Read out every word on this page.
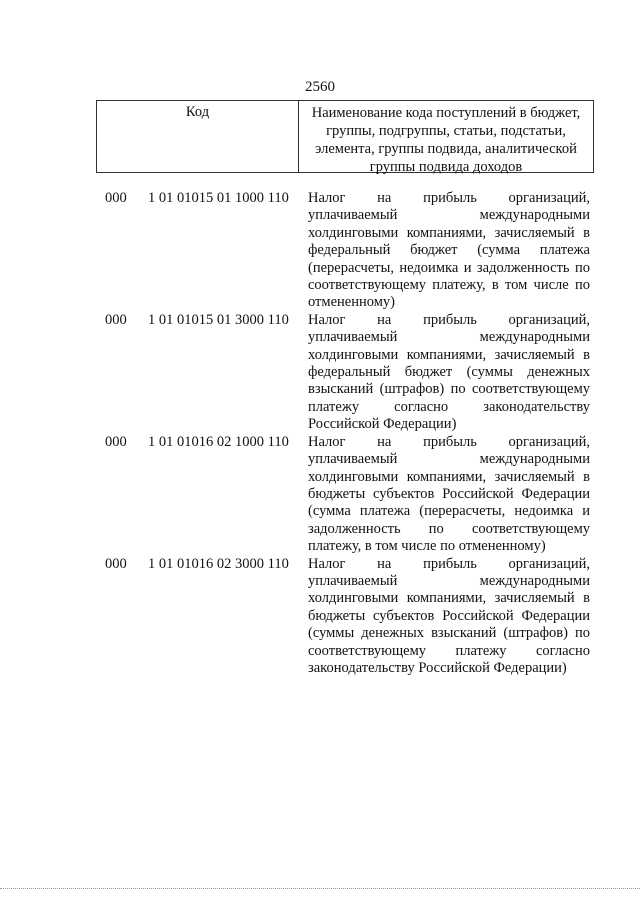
2560
Код	Наименование кода поступлений в бюджет, группы, подгруппы, статьи, подстатьи, элемента, группы подвида, аналитической группы подвида доходов
000	1 01 01015 01 1000 110	Налог на прибыль организаций, уплачиваемый международными холдинговыми компаниями, зачисляемый в федеральный бюджет (сумма платежа (перерасчеты, недоимка и задолженность по соответствующему платежу, в том числе по отмененному)
000	1 01 01015 01 3000 110	Налог на прибыль организаций, уплачиваемый международными холдинговыми компаниями, зачисляемый в федеральный бюджет (суммы денежных взысканий (штрафов) по соответствующему платежу согласно законодательству Российской Федерации)
000	1 01 01016 02 1000 110	Налог на прибыль организаций, уплачиваемый международными холдинговыми компаниями, зачисляемый в бюджеты субъектов Российской Федерации (сумма платежа (перерасчеты, недоимка и задолженность по соответствующему платежу, в том числе по отмененному)
000	1 01 01016 02 3000 110	Налог на прибыль организаций, уплачиваемый международными холдинговыми компаниями, зачисляемый в бюджеты субъектов Российской Федерации (суммы денежных взысканий (штрафов) по соответствующему платежу согласно законодательству Российской Федерации)
